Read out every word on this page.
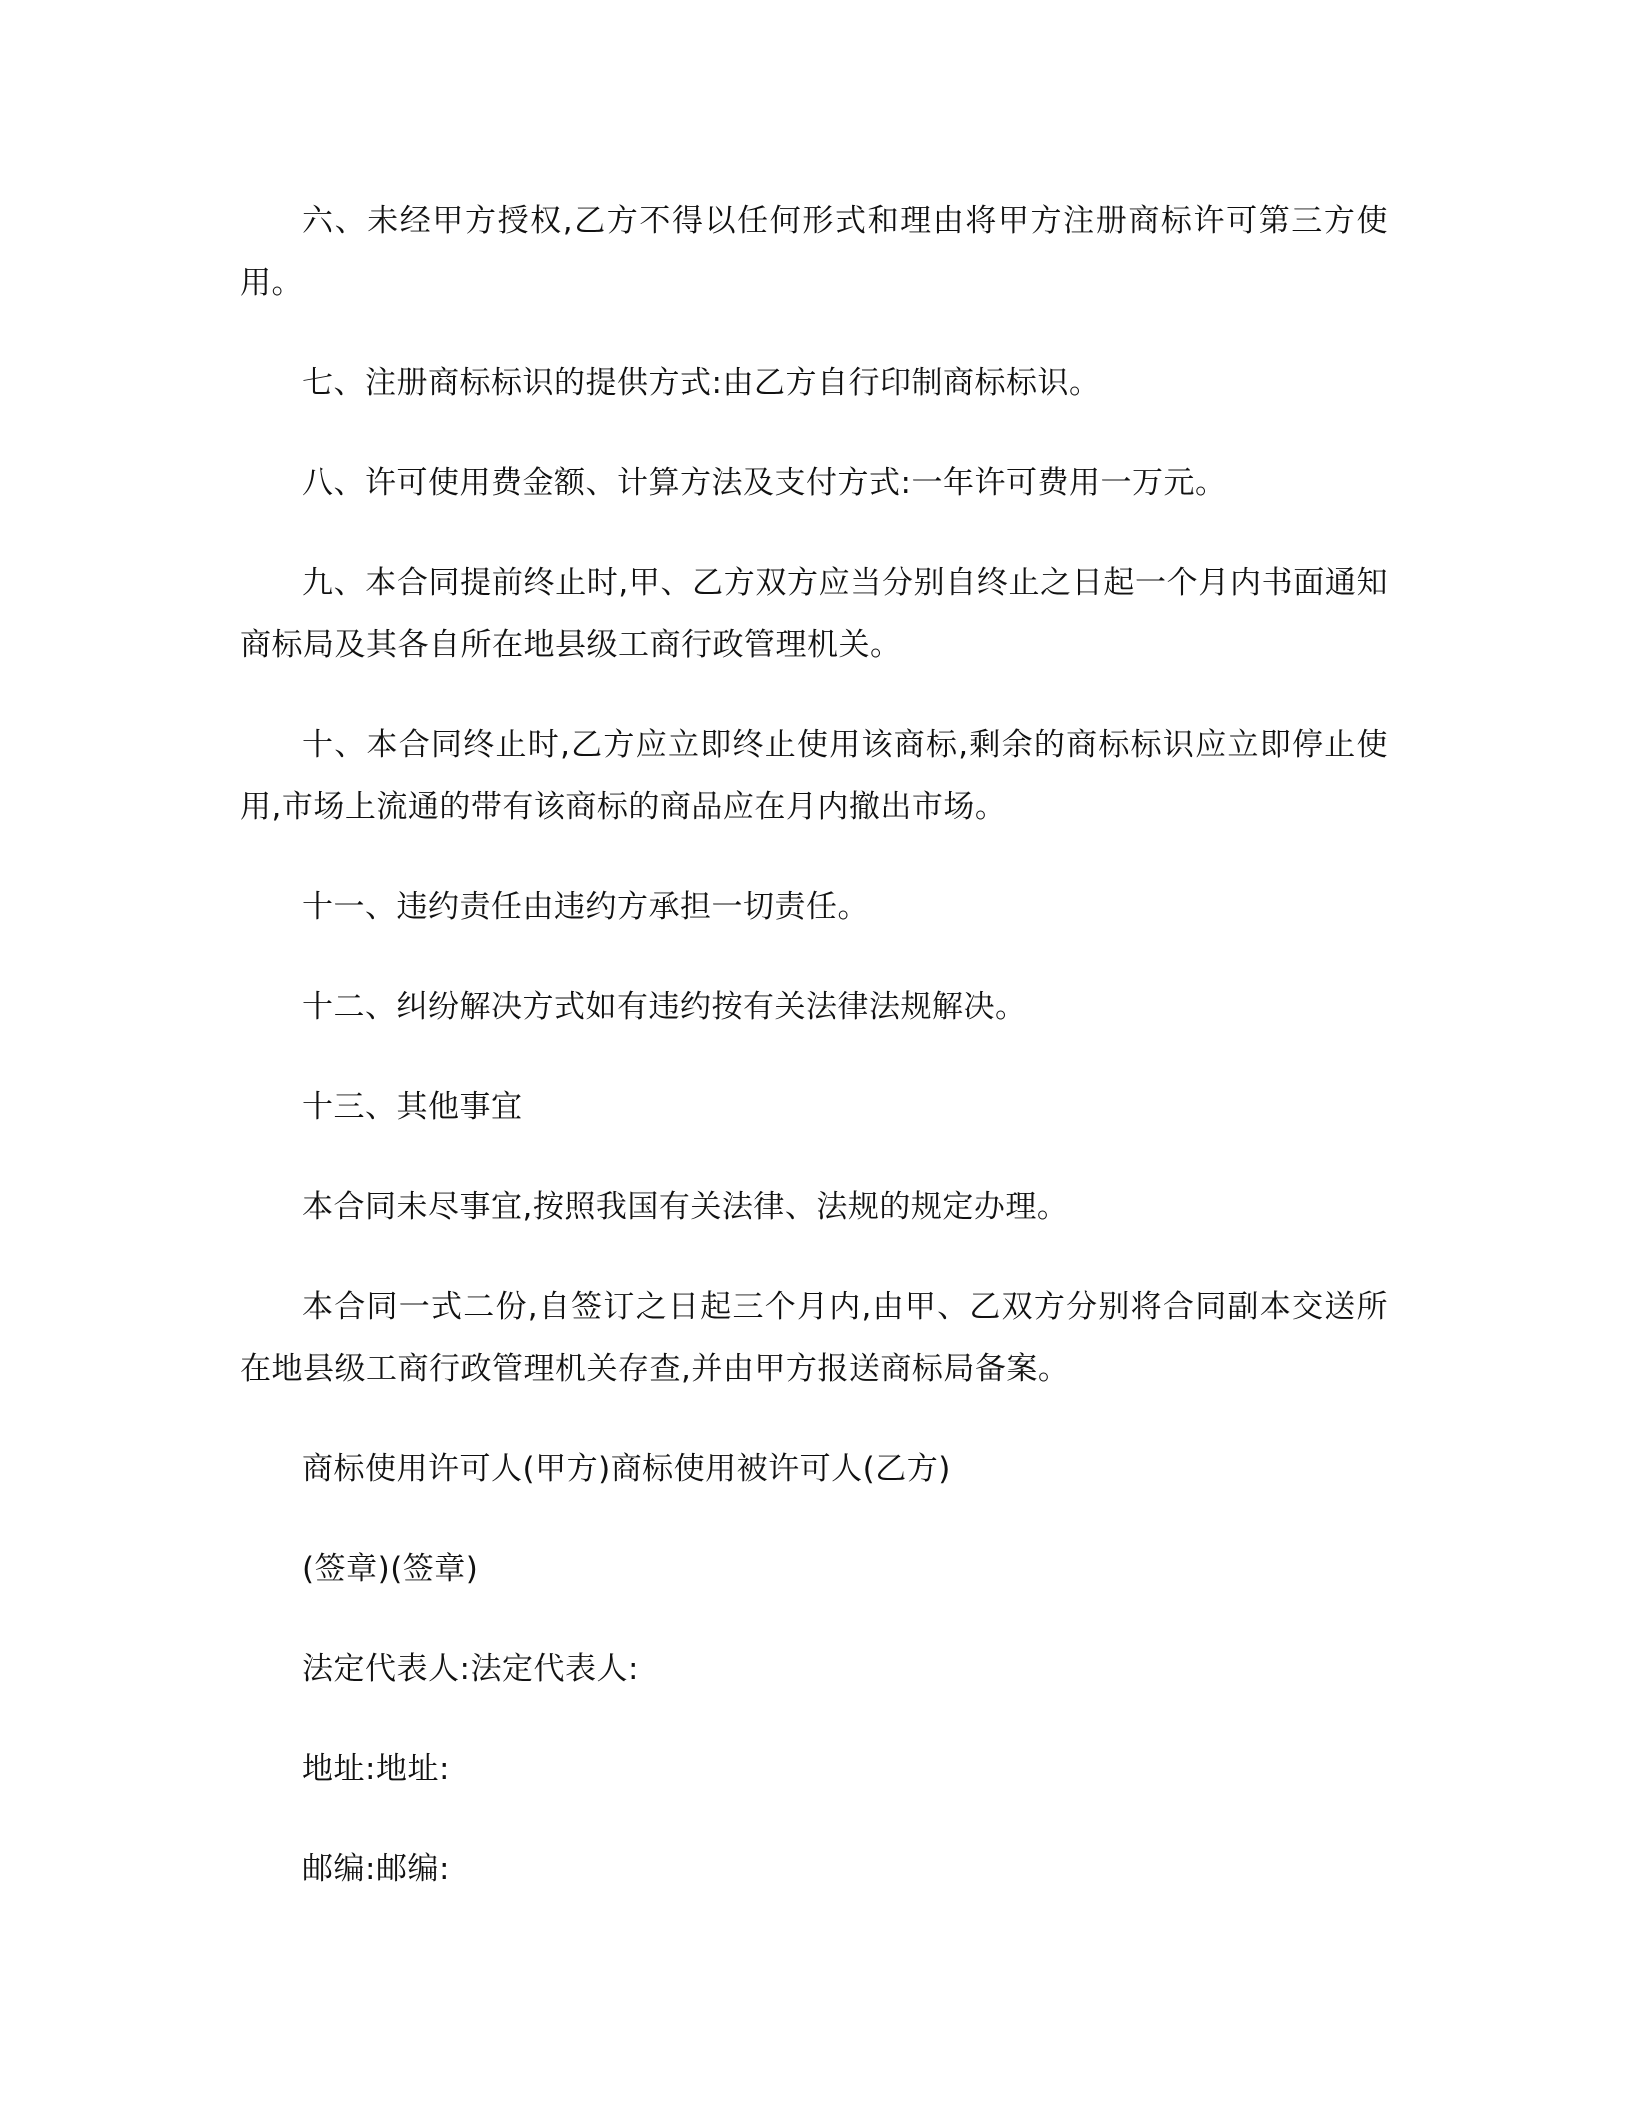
六、未经甲方授权,乙方不得以任何形式和理由将甲方注册商标许可第三方使用。

七、注册商标标识的提供方式:由乙方自行印制商标标识。

八、许可使用费金额、计算方法及支付方式:一年许可费用一万元。

九、本合同提前终止时,甲、乙方双方应当分别自终止之日起一个月内书面通知商标局及其各自所在地县级工商行政管理机关。

十、本合同终止时,乙方应立即终止使用该商标,剩余的商标标识应立即停止使用,市场上流通的带有该商标的商品应在月内撤出市场。

十一、违约责任由违约方承担一切责任。

十二、纠纷解决方式如有违约按有关法律法规解决。

十三、其他事宜

本合同未尽事宜,按照我国有关法律、法规的规定办理。

本合同一式二份,自签订之日起三个月内,由甲、乙双方分别将合同副本交送所在地县级工商行政管理机关存查,并由甲方报送商标局备案。

商标使用许可人(甲方)商标使用被许可人(乙方)

(签章)(签章)

法定代表人:法定代表人:

地址:地址:

邮编:邮编:
